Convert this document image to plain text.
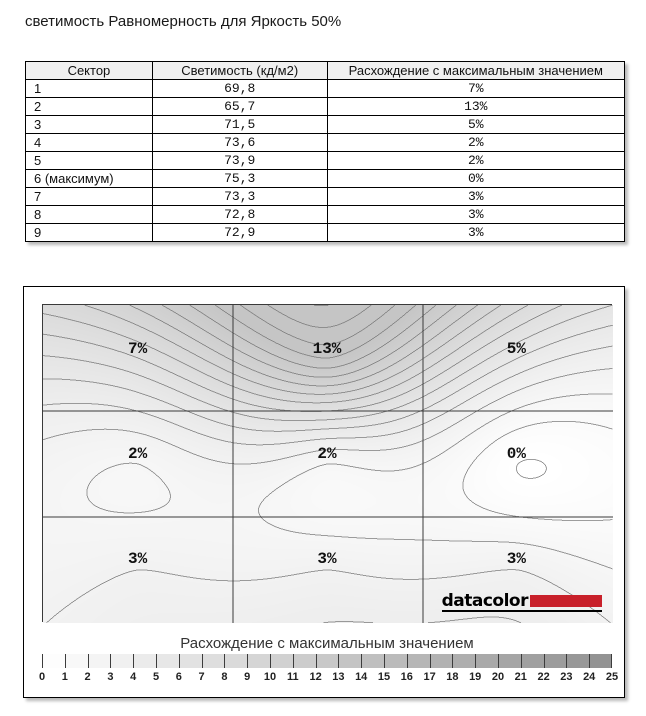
светимость Равномерность для Яркость 50%
Сектор	Светимость (кд/м2)	Расхождение с максимальным значением
1	69,8	7%
2	65,7	13%
3	71,5	5%
4	73,6	2%
5	73,9	2%
6 (максимум)	75,3	0%
7	73,3	3%
8	72,8	3%
9	72,9	3%
7%	13%	5%
2%	2%	0%
3%	3%	3%
datacolor
Расхождение с максимальным значением
0 1 2 3 4 5 6 7 8 9 10 11 12 13 14 15 16 17 18 19 20 21 22 23 24 25
